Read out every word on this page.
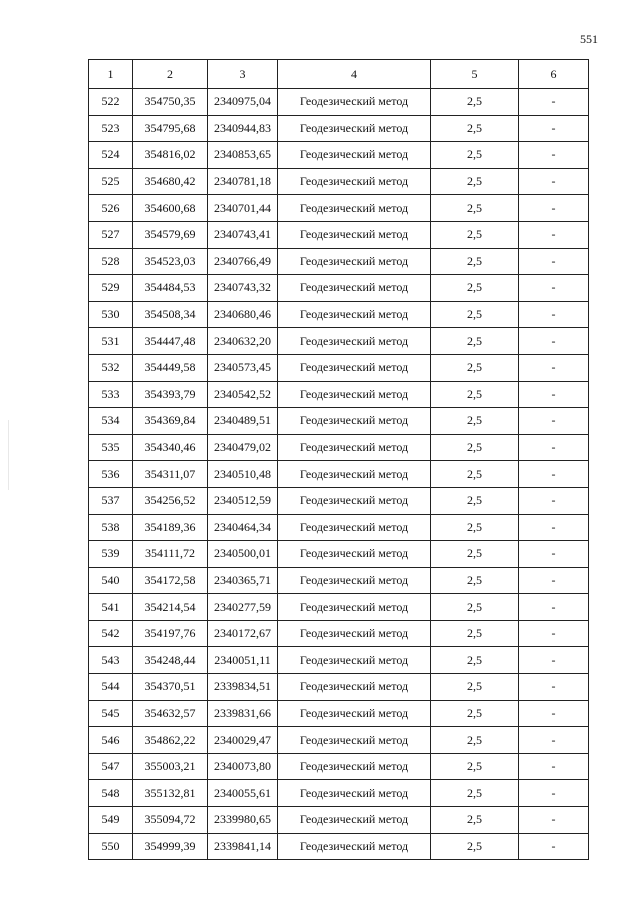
551
1	2	3	4	5	6
522	354750,35	2340975,04	Геодезический метод	2,5	-
523	354795,68	2340944,83	Геодезический метод	2,5	-
524	354816,02	2340853,65	Геодезический метод	2,5	-
525	354680,42	2340781,18	Геодезический метод	2,5	-
526	354600,68	2340701,44	Геодезический метод	2,5	-
527	354579,69	2340743,41	Геодезический метод	2,5	-
528	354523,03	2340766,49	Геодезический метод	2,5	-
529	354484,53	2340743,32	Геодезический метод	2,5	-
530	354508,34	2340680,46	Геодезический метод	2,5	-
531	354447,48	2340632,20	Геодезический метод	2,5	-
532	354449,58	2340573,45	Геодезический метод	2,5	-
533	354393,79	2340542,52	Геодезический метод	2,5	-
534	354369,84	2340489,51	Геодезический метод	2,5	-
535	354340,46	2340479,02	Геодезический метод	2,5	-
536	354311,07	2340510,48	Геодезический метод	2,5	-
537	354256,52	2340512,59	Геодезический метод	2,5	-
538	354189,36	2340464,34	Геодезический метод	2,5	-
539	354111,72	2340500,01	Геодезический метод	2,5	-
540	354172,58	2340365,71	Геодезический метод	2,5	-
541	354214,54	2340277,59	Геодезический метод	2,5	-
542	354197,76	2340172,67	Геодезический метод	2,5	-
543	354248,44	2340051,11	Геодезический метод	2,5	-
544	354370,51	2339834,51	Геодезический метод	2,5	-
545	354632,57	2339831,66	Геодезический метод	2,5	-
546	354862,22	2340029,47	Геодезический метод	2,5	-
547	355003,21	2340073,80	Геодезический метод	2,5	-
548	355132,81	2340055,61	Геодезический метод	2,5	-
549	355094,72	2339980,65	Геодезический метод	2,5	-
550	354999,39	2339841,14	Геодезический метод	2,5	-
